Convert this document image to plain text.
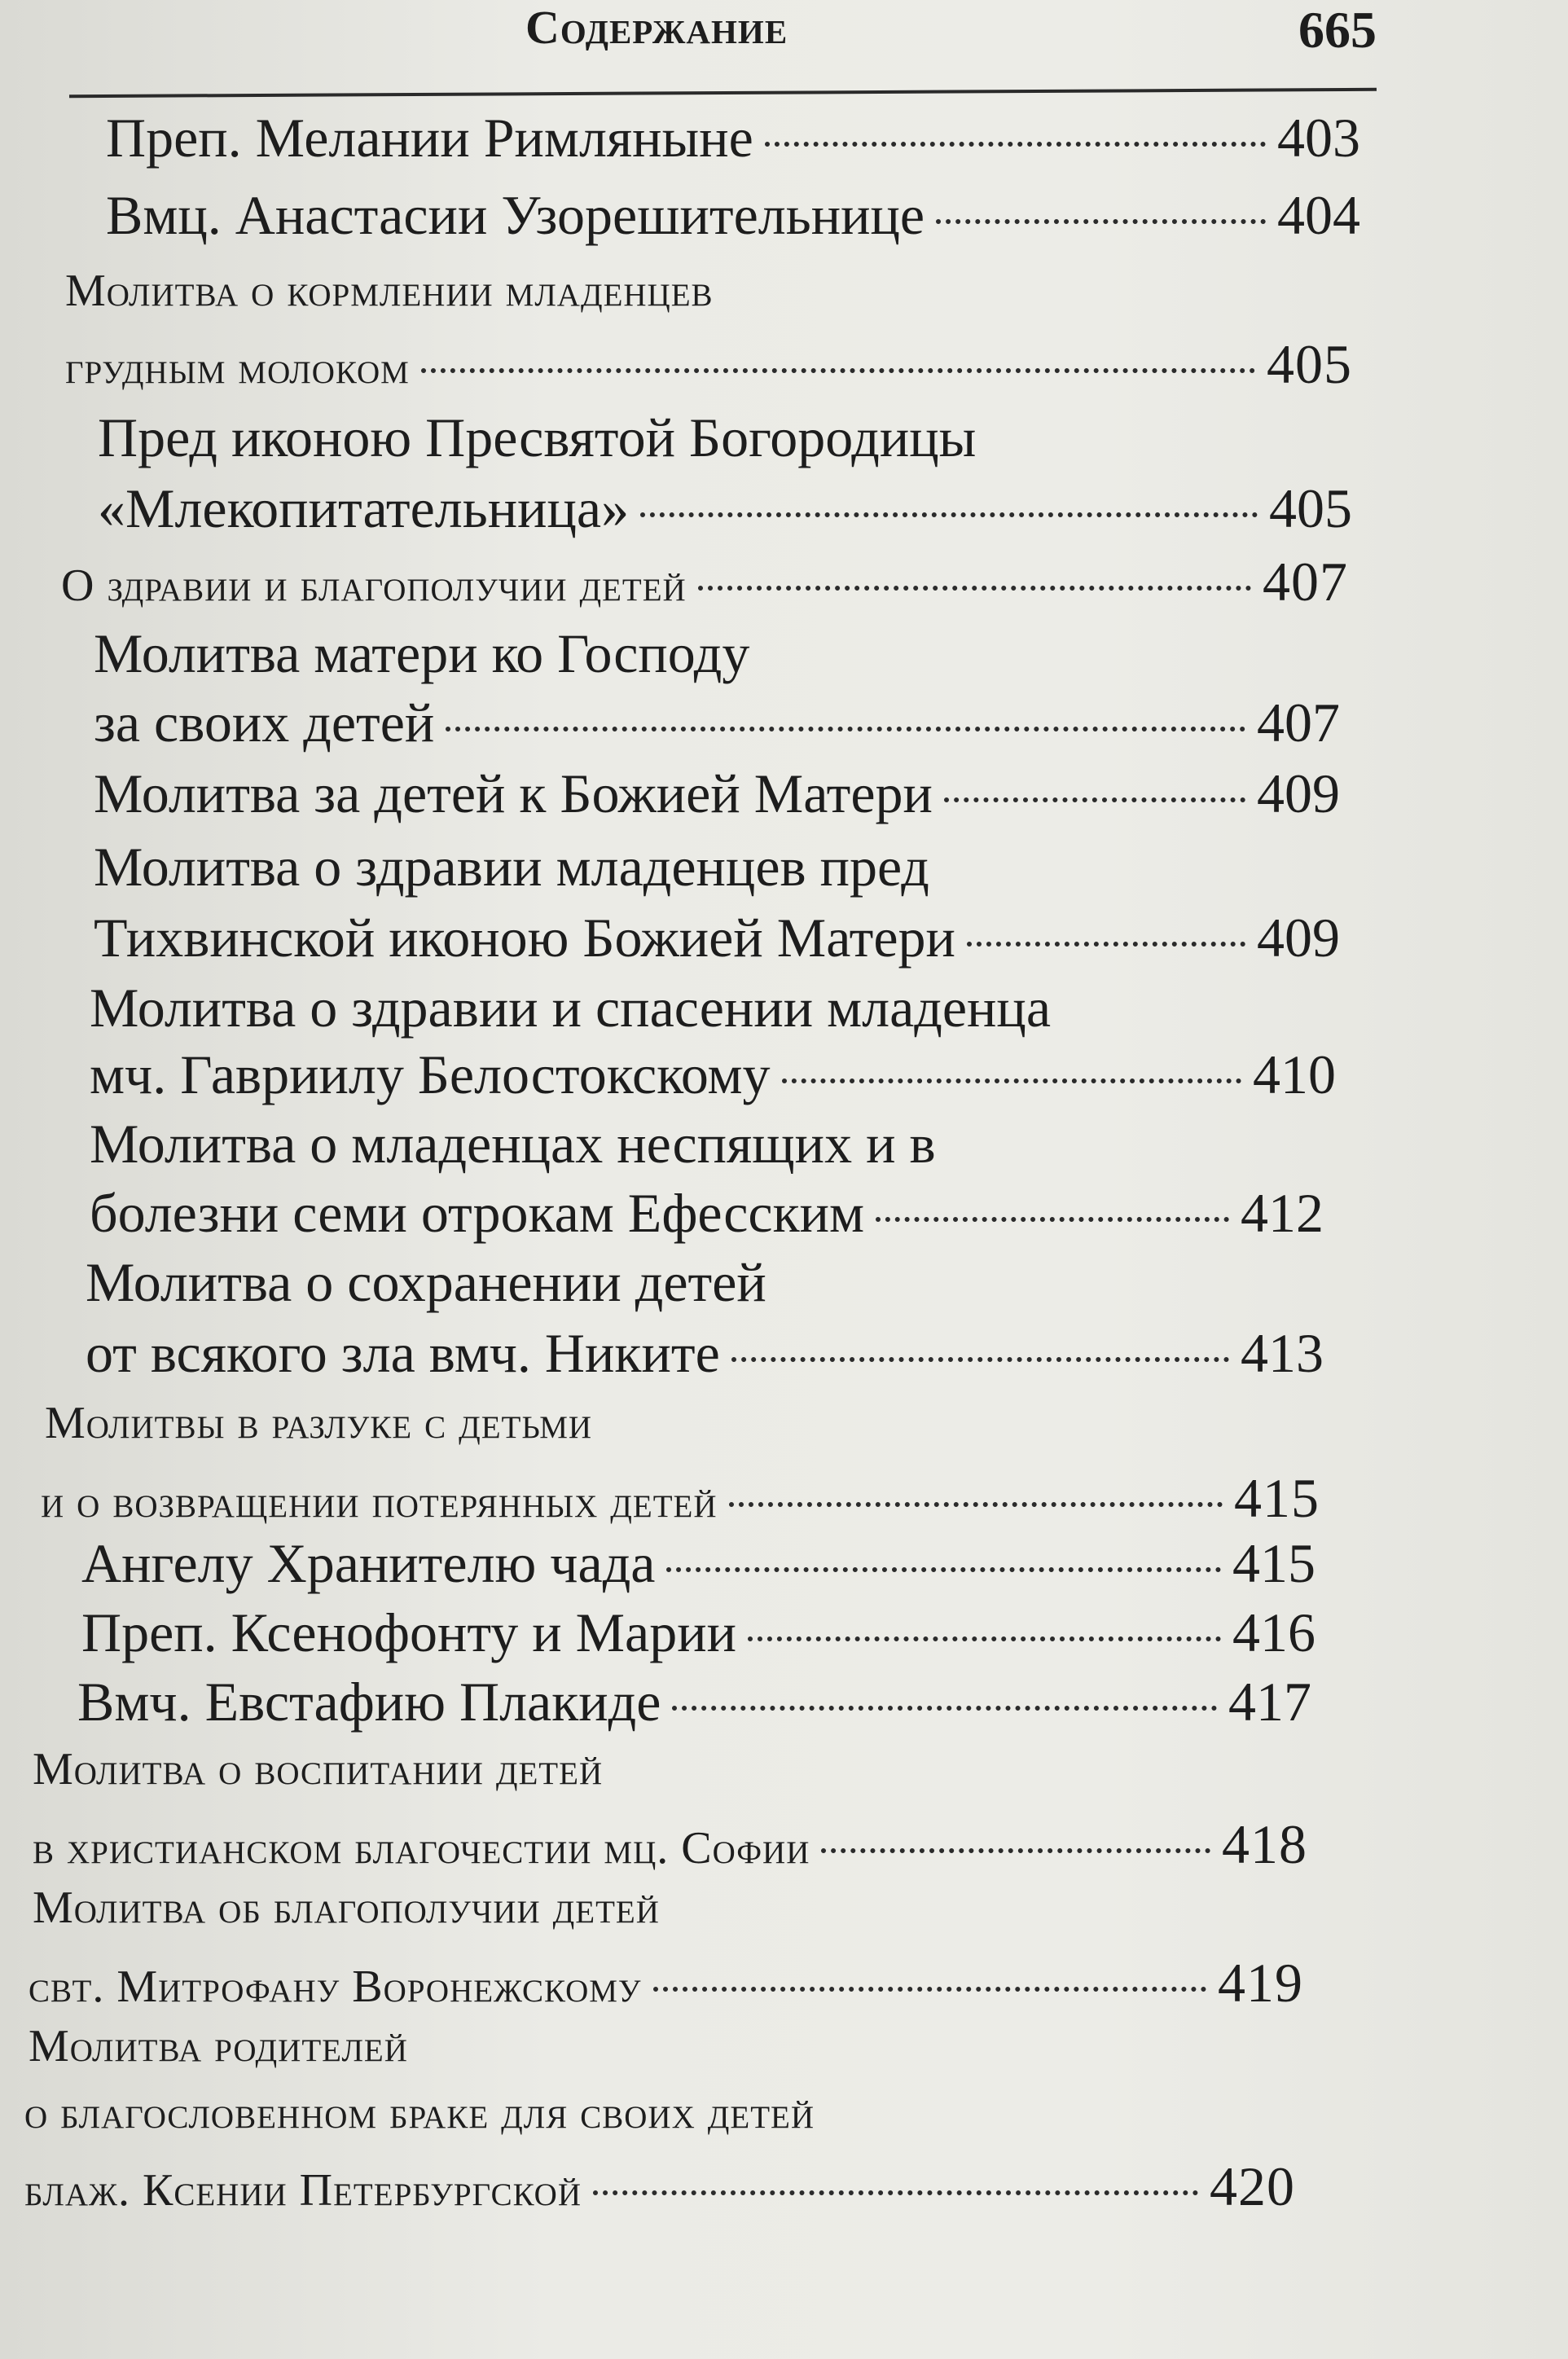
Содержание	665
Преп. Мелании Римляныне	403
Вмц. Анастасии Узорешительнице	404
Молитва о кормлении младенцев
грудным молоком	405
Пред иконою Пресвятой Богородицы
«Млекопитательница»	405
О здравии и благополучии детей	407
Молитва матери ко Господу
за своих детей	407
Молитва за детей к Божией Матери	409
Молитва о здравии младенцев пред
Тихвинской иконою Божией Матери	409
Молитва о здравии и спасении младенца
мч. Гавриилу Белостокскому	410
Молитва о младенцах неспящих и в
болезни семи отрокам Ефесским	412
Молитва о сохранении детей
от всякого зла вмч. Никите	413
Молитвы в разлуке с детьми
и о возвращении потерянных детей	415
Ангелу Хранителю чада	415
Преп. Ксенофонту и Марии	416
Вмч. Евстафию Плакиде	417
Молитва о воспитании детей
в христианском благочестии мц. Софии	418
Молитва об благополучии детей
свт. Митрофану Воронежскому	419
Молитва родителей
о благословенном браке для своих детей
блаж. Ксении Петербургской	420
